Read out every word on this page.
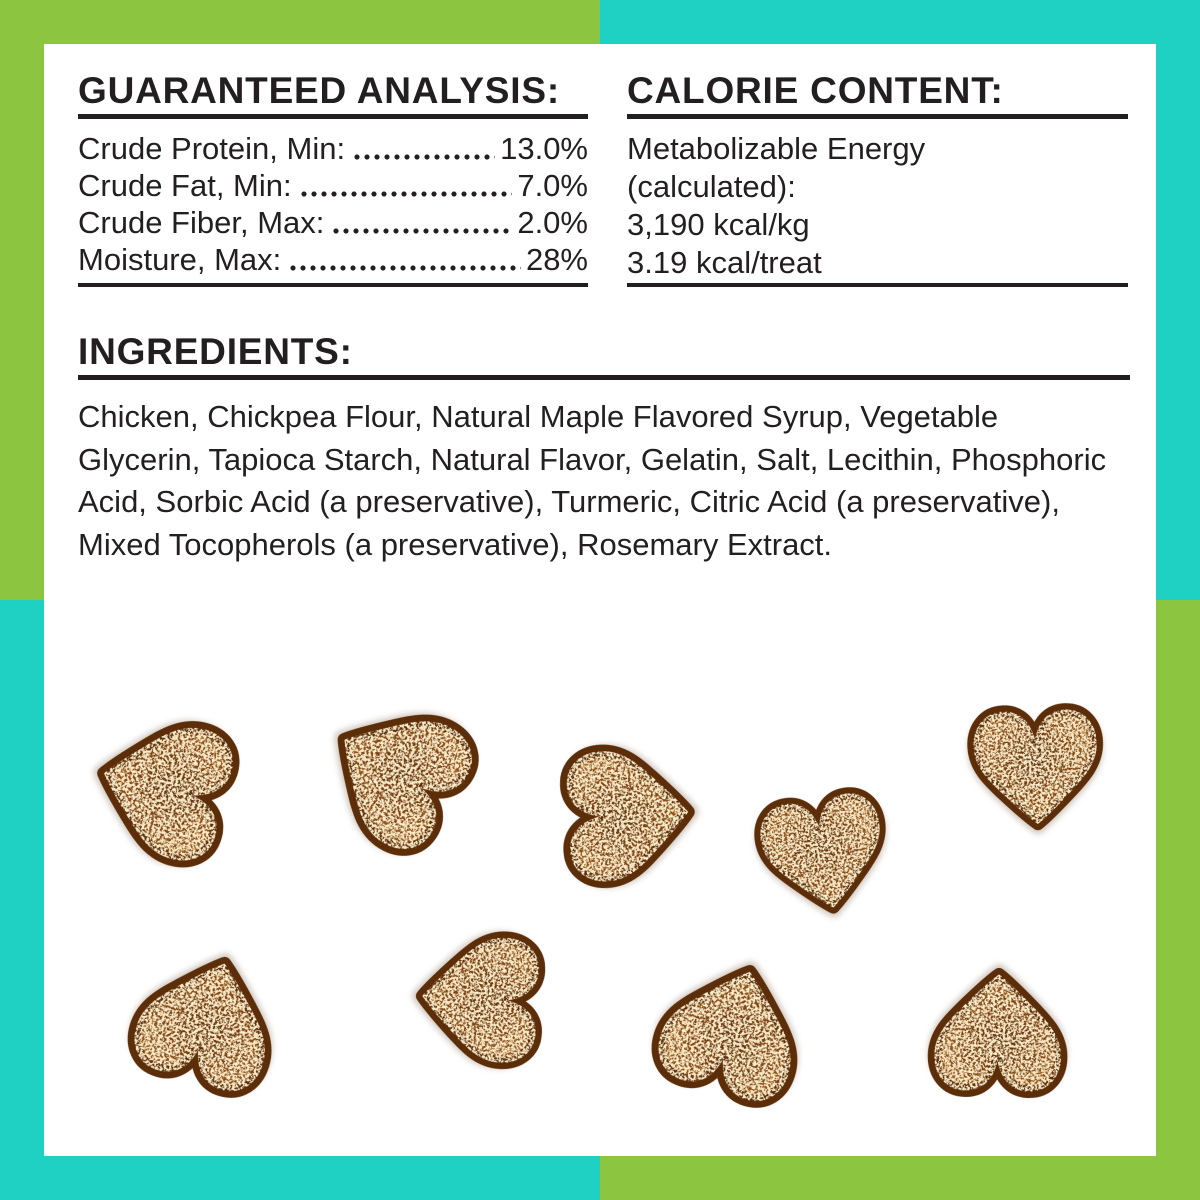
GUARANTEED ANALYSIS:
Crude Protein, Min:	13.0%
Crude Fat, Min:	7.0%
Crude Fiber, Max:	2.0%
Moisture, Max:	28%
CALORIE CONTENT:
Metabolizable Energy
(calculated):
3,190 kcal/kg
3.19 kcal/treat
INGREDIENTS:
Chicken, Chickpea Flour, Natural Maple Flavored Syrup, Vegetable Glycerin, Tapioca Starch, Natural Flavor, Gelatin, Salt, Lecithin, Phosphoric Acid, Sorbic Acid (a preservative), Turmeric, Citric Acid (a preservative), Mixed Tocopherols (a preservative), Rosemary Extract.
